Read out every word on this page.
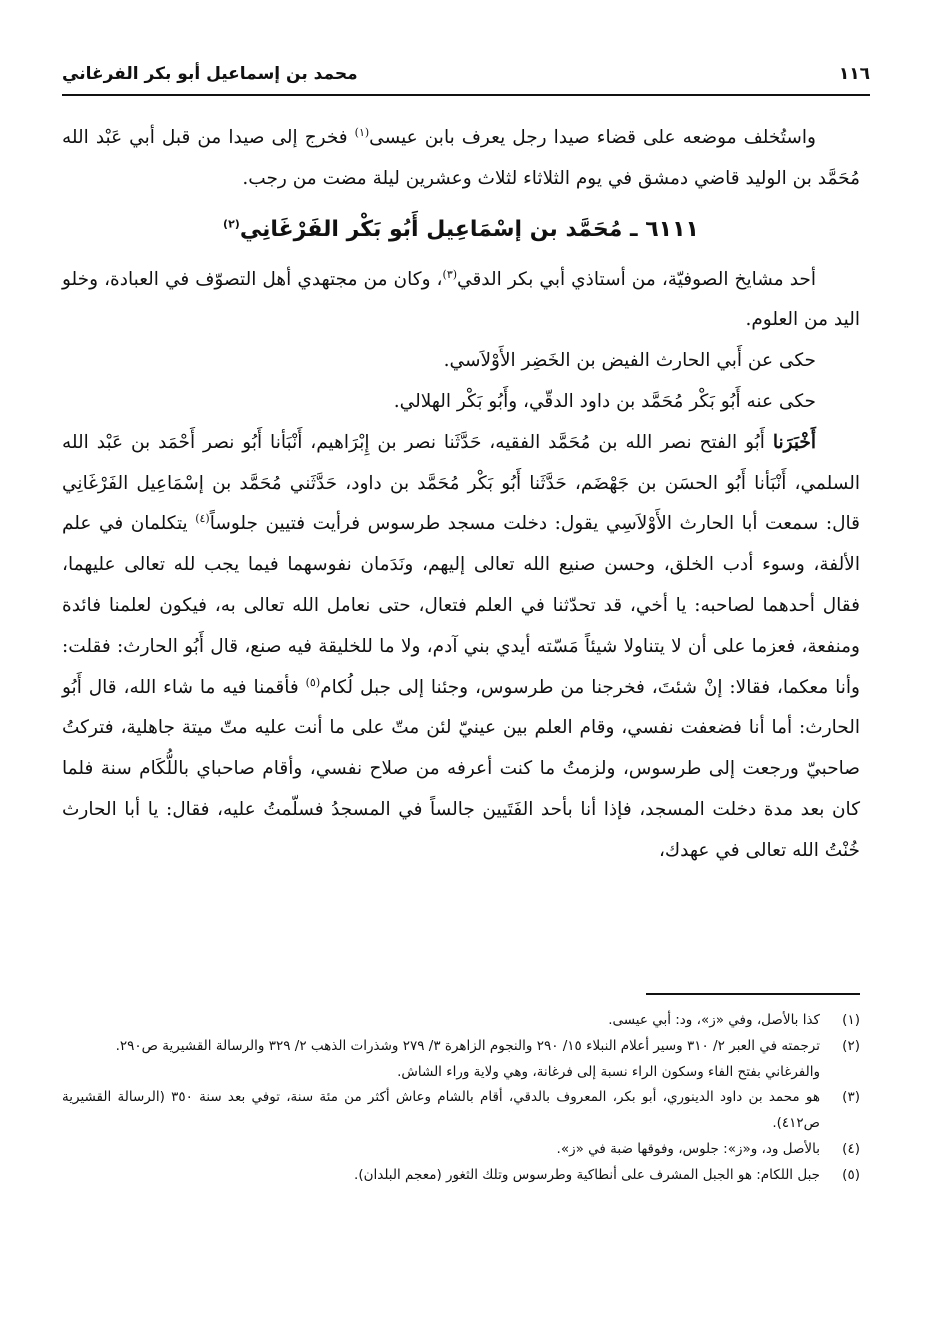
١١٦
محمد بن إسماعيل أبو بكر الفرغاني

واستُخلف موضعه على قضاء صيدا رجل يعرف بابن عيسى$^{(١)}$ فخرج إلى صيدا من قبل أبي عَبْد الله مُحَمَّد بن الوليد قاضي دمشق في يوم الثلاثاء لثلاث وعشرين ليلة مضت من رجب.

٦١١١ ـ مُحَمَّد بن إسْمَاعِيل أَبُو بَكْر الفَرْغَانِي$^{(٢)}$

أحد مشايخ الصوفيّة، من أستاذي أبي بكر الدقي$^{(٣)}$، وكان من مجتهدي أهل التصوّف في العبادة، وخلو اليد من العلوم.

حكى عن أَبي الحارث الفيض بن الخَضِر الأَوْلاَسي.

حكى عنه أَبُو بَكْر مُحَمَّد بن داود الدقّي، وأَبُو بَكْر الهلالي.

أَخْبَرَنا أَبُو الفتح نصر الله بن مُحَمَّد الفقيه، حَدَّثَنا نصر بن إِبْرَاهيم، أَنْبَأنا أَبُو نصر أَحْمَد بن عَبْد الله السلمي، أَنْبَأنا أَبُو الحسَن بن جَهْضَم، حَدَّثَنا أَبُو بَكْر مُحَمَّد بن داود، حَدَّثَني مُحَمَّد بن إسْمَاعِيل الفَرْغَانِي قال: سمعت أبا الحارث الأَوْلاَسِي يقول: دخلت مسجد طرسوس فرأيت فتيين جلوساً$^{(٤)}$ يتكلمان في علم الألفة، وسوء أدب الخلق، وحسن صنيع الله تعالى إليهم، ونَدَمان نفوسهما فيما يجب لله تعالى عليهما، فقال أحدهما لصاحبه: يا أخي، قد تحدّثنا في العلم فتعال، حتى نعامل الله تعالى به، فيكون لعلمنا فائدة ومنفعة، فعزما على أن لا يتناولا شيئاً مَسّته أيدي بني آدم، ولا ما للخليقة فيه صنع، قال أَبُو الحارث: فقلت: وأنا معكما، فقالا: إنْ شئتَ، فخرجنا من طرسوس، وجئنا إلى جبل لُكام$^{(٥)}$ فأقمنا فيه ما شاء الله، قال أَبُو الحارث: أما أنا فضعفت نفسي، وقام العلم بين عينيّ لئن متّ على ما أنت عليه متّ ميتة جاهلية، فتركتُ صاحبيّ ورجعت إلى طرسوس، ولزمتُ ما كنت أعرفه من صلاح نفسي، وأقام صاحباي باللُّكَام سنة فلما كان بعد مدة دخلت المسجد، فإذا أنا بأحد الفَتَيين جالساً في المسجدُ فسلّمتُ عليه، فقال: يا أبا الحارث خُنْتُ الله تعالى في عهدك،

(١)
كذا بالأصل، وفي «ز»، ود: أبي عيسى.
(٢)
ترجمته في العبر ٢/ ٣١٠ وسير أعلام النبلاء ١٥/ ٢٩٠ والنجوم الزاهرة ٣/ ٢٧٩ وشذرات الذهب ٢/ ٣٢٩ والرسالة القشيرية ص٢٩٠.
والفرغاني بفتح الفاء وسكون الراء نسبة إلى فرغانة، وهي ولاية وراء الشاش.
(٣)
هو محمد بن داود الدينوري، أبو بكر، المعروف بالدقي، أقام بالشام وعاش أكثر من مئة سنة، توفي بعد سنة ٣٥٠ (الرسالة القشيرية ص٤١٢).
(٤)
بالأصل ود، و«ز»: جلوس، وفوقها ضبة في «ز».
(٥)
جبل اللكام: هو الجبل المشرف على أنطاكية وطرسوس وتلك الثغور (معجم البلدان).
